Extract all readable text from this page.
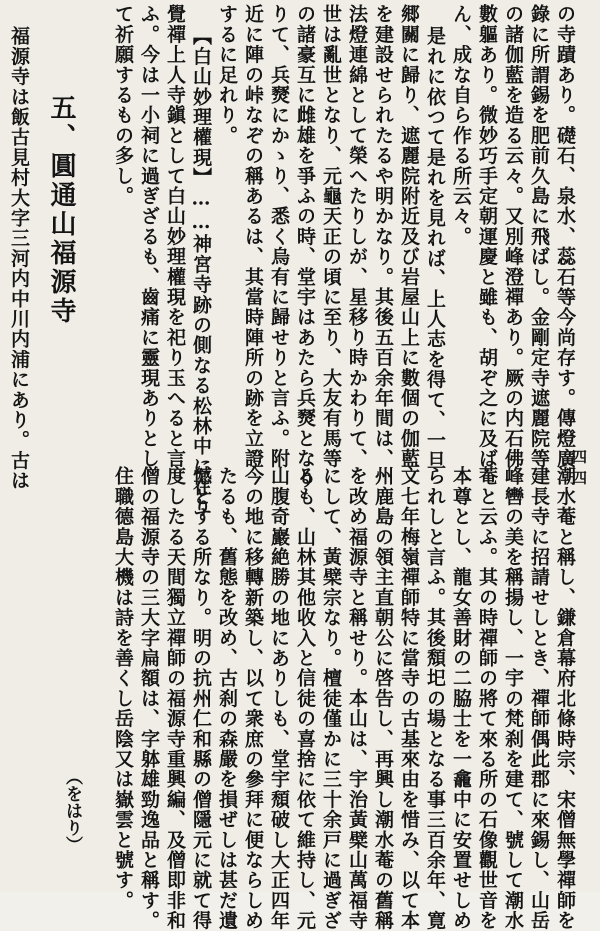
の寺蹟あり。礎石、泉水、蕊石等今尚存す。傳燈廣
錄に所謂錫を肥前久島に飛ばし。金剛定寺遮麗院等
の諸伽藍を造る云々。又別峰澄禪あり。厥の内石佛
數軀あり。微妙巧手定朝運慶と雖も、胡ぞ之に及ば
ん、成な自ら作る所云々。
是れに依つて是れを見れば、上人志を得て、一旦
郷關に歸り、遮麗院附近及び岩屋山上に數個の伽藍
を建設せられたるや明かなり。其後五百余年間は、
法燈連綿として榮へたりしが、星移り時かわりて、
世は亂世となり、元龜天正の頃に至り、大友有馬等
の諸豪互に雌雄を爭ふの時、堂宇はあたら兵燹となり
りて、兵燹にかゝり、悉く烏有に歸せりと言ふ。附
近に陣の峠なぞの稱あるは、其當時陣所の跡を立證
するに足れり。
【白山妙理權現】……神宮寺跡の側なる松林中に在り
覺禪上人寺鎭として白山妙理權現を祀り玉へると言
ふ。今は一小祠に過ぎざるも、齒痛に靈現ありとし
て祈願するもの多し。
五、圓通山福源寺
福源寺は飯古見村大字三河内中川内浦にあり。古は	四四
潮水菴と稱し、鎌倉幕府北條時宗、宋僧無學禪師を
建長寺に招請せしとき、禪師偶此郡に來錫し、山岳
峰轡の美を稱揚し、一宇の梵刹を建て、號して潮水
菴と云ふ。其の時禪師の將て來る所の石像觀世音を
本尊とし、龍女善財の二脇士を一龕中に安置せしめ
られしと言ふ。其後頽圯の場となる事三百余年、寛
文七年梅嶺禪師特に當寺の古基來由を惜み、以て本
州鹿島の領主直朝公に啓告し、再興し潮水菴の舊稱
を改め福源寺と稱せり。本山は、宇治黃檗山萬福寺
にして、黃檗宗なり。檀徒僅かに三十余戸に過ぎざ
るも、山林其他收入と信徒の喜捨に依て維持し、元
山腹奇巖絶勝の地にありしも、堂宇頹破し大正四年
今の地に移轉新築し、以て衆庶の參拜に便ならしめ
たるも、舊態を改め、古刹の森嚴を損ぜしは甚だ遺
憾とする所なり。明の抗州仁和縣の僧隱元に就て得
度したる天間獨立禪師の福源寺重興編、及僧即非和
僧の福源寺の三大字扁額は、字躰雄勁逸品と稱す。
住職德島大機は詩を善くし岳陰又は嶽雲と號す。
（をはり）
